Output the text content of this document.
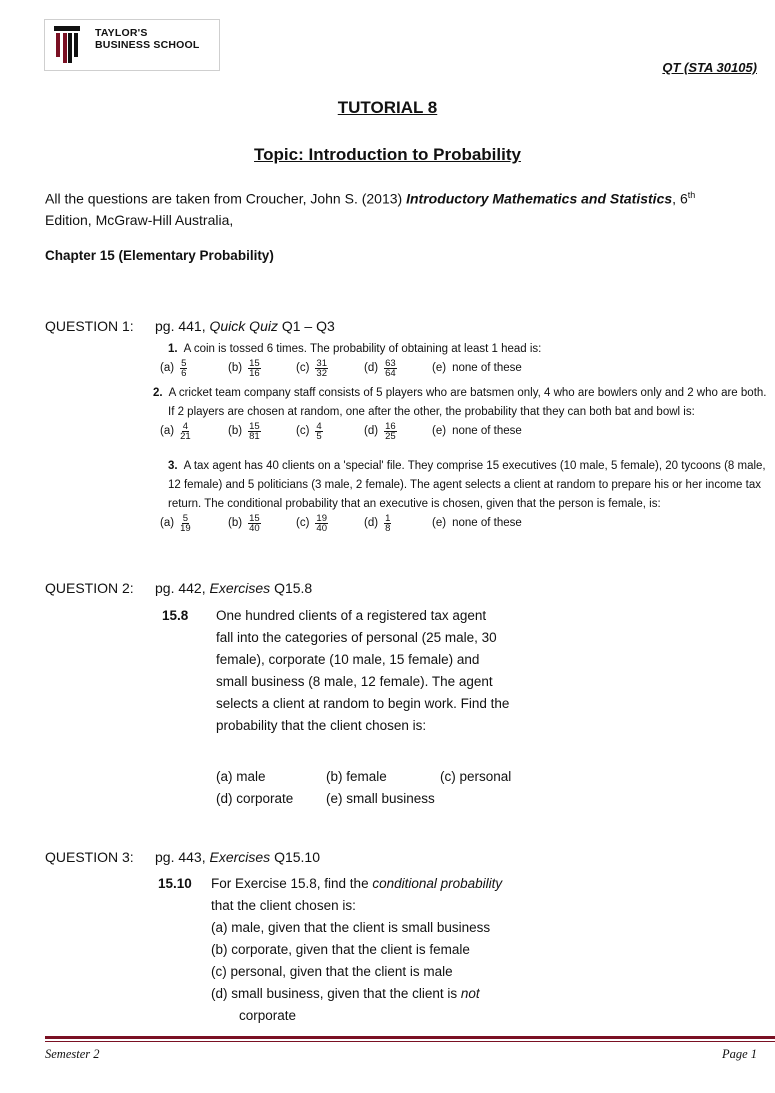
TAYLOR'S
BUSINESS SCHOOL
QT (STA 30105)
TUTORIAL 8
Topic: Introduction to Probability
All the questions are taken from Croucher, John S. (2013) Introductory Mathematics and Statistics, 6th
Edition, McGraw-Hill Australia,
Chapter 15 (Elementary Probability)
QUESTION 1: pg. 441, Quick Quiz Q1 – Q3
1. A coin is tossed 6 times. The probability of obtaining at least 1 head is:
$(a) \frac{5}{6}$	$(b) \frac{15}{16}$	$(c) \frac{31}{32}$	$(d) \frac{63}{64}$	(e) none of these
2. A cricket team company staff consists of 5 players who are batsmen only, 4 who are bowlers only and 2 who are both. If 2 players are chosen at random, one after the other, the probability that they can both bat and bowl is:
$(a) \frac{4}{21}$	$(b) \frac{15}{81}$	$(c) \frac{4}{5}$	$(d) \frac{16}{25}$	(e) none of these
3. A tax agent has 40 clients on a 'special' file. They comprise 15 executives (10 male, 5 female), 20 tycoons (8 male, 12 female) and 5 politicians (3 male, 2 female). The agent selects a client at random to prepare his or her income tax return. The conditional probability that an executive is chosen, given that the person is female, is:
$(a) \frac{5}{19}$	$(b) \frac{15}{40}$	$(c) \frac{19}{40}$	$(d) \frac{1}{8}$	(e) none of these
QUESTION 2: pg. 442, Exercises Q15.8
15.8 One hundred clients of a registered tax agent
fall into the categories of personal (25 male, 30
female), corporate (10 male, 15 female) and
small business (8 male, 12 female). The agent
selects a client at random to begin work. Find the
probability that the client chosen is:
(a) male	(b) female	(c) personal
(d) corporate	(e) small business
QUESTION 3: pg. 443, Exercises Q15.10
15.10 For Exercise 15.8, find the conditional probability
that the client chosen is:
(a) male, given that the client is small business
(b) corporate, given that the client is female
(c) personal, given that the client is male
(d) small business, given that the client is not
corporate
Semester 2	Page 1
